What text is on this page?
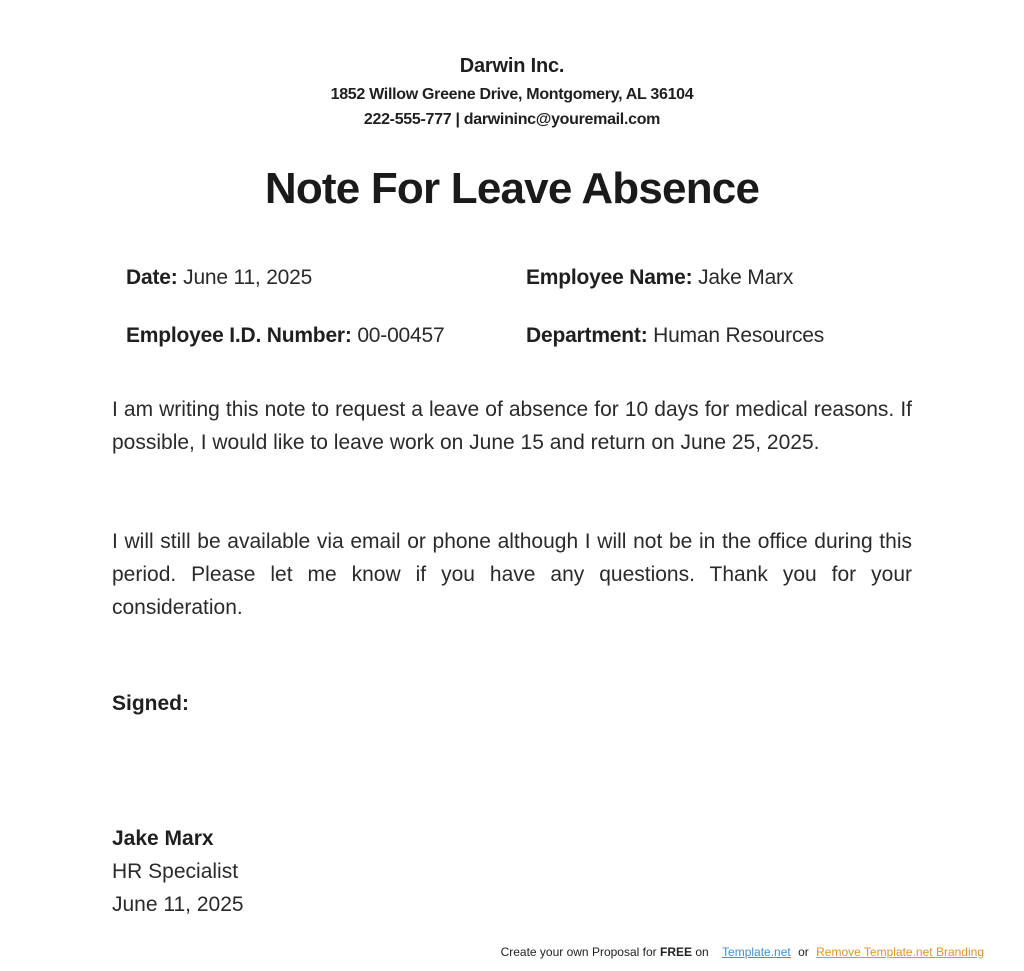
Darwin Inc.
1852 Willow Greene Drive, Montgomery, AL 36104
222-555-777 | darwininc@youremail.com
Note For Leave Absence
Date: June 11, 2025	Employee Name: Jake Marx
Employee I.D. Number: 00-00457	Department: Human Resources

I am writing this note to request a leave of absence for 10 days for medical reasons. If possible, I would like to leave work on June 15 and return on June 25, 2025.

I will still be available via email or phone although I will not be in the office during this period. Please let me know if you have any questions. Thank you for your consideration.

Signed:
Jake Marx
HR Specialist
June 11, 2025
Create your own Proposal for FREE on Template.net or Remove Template.net Branding
